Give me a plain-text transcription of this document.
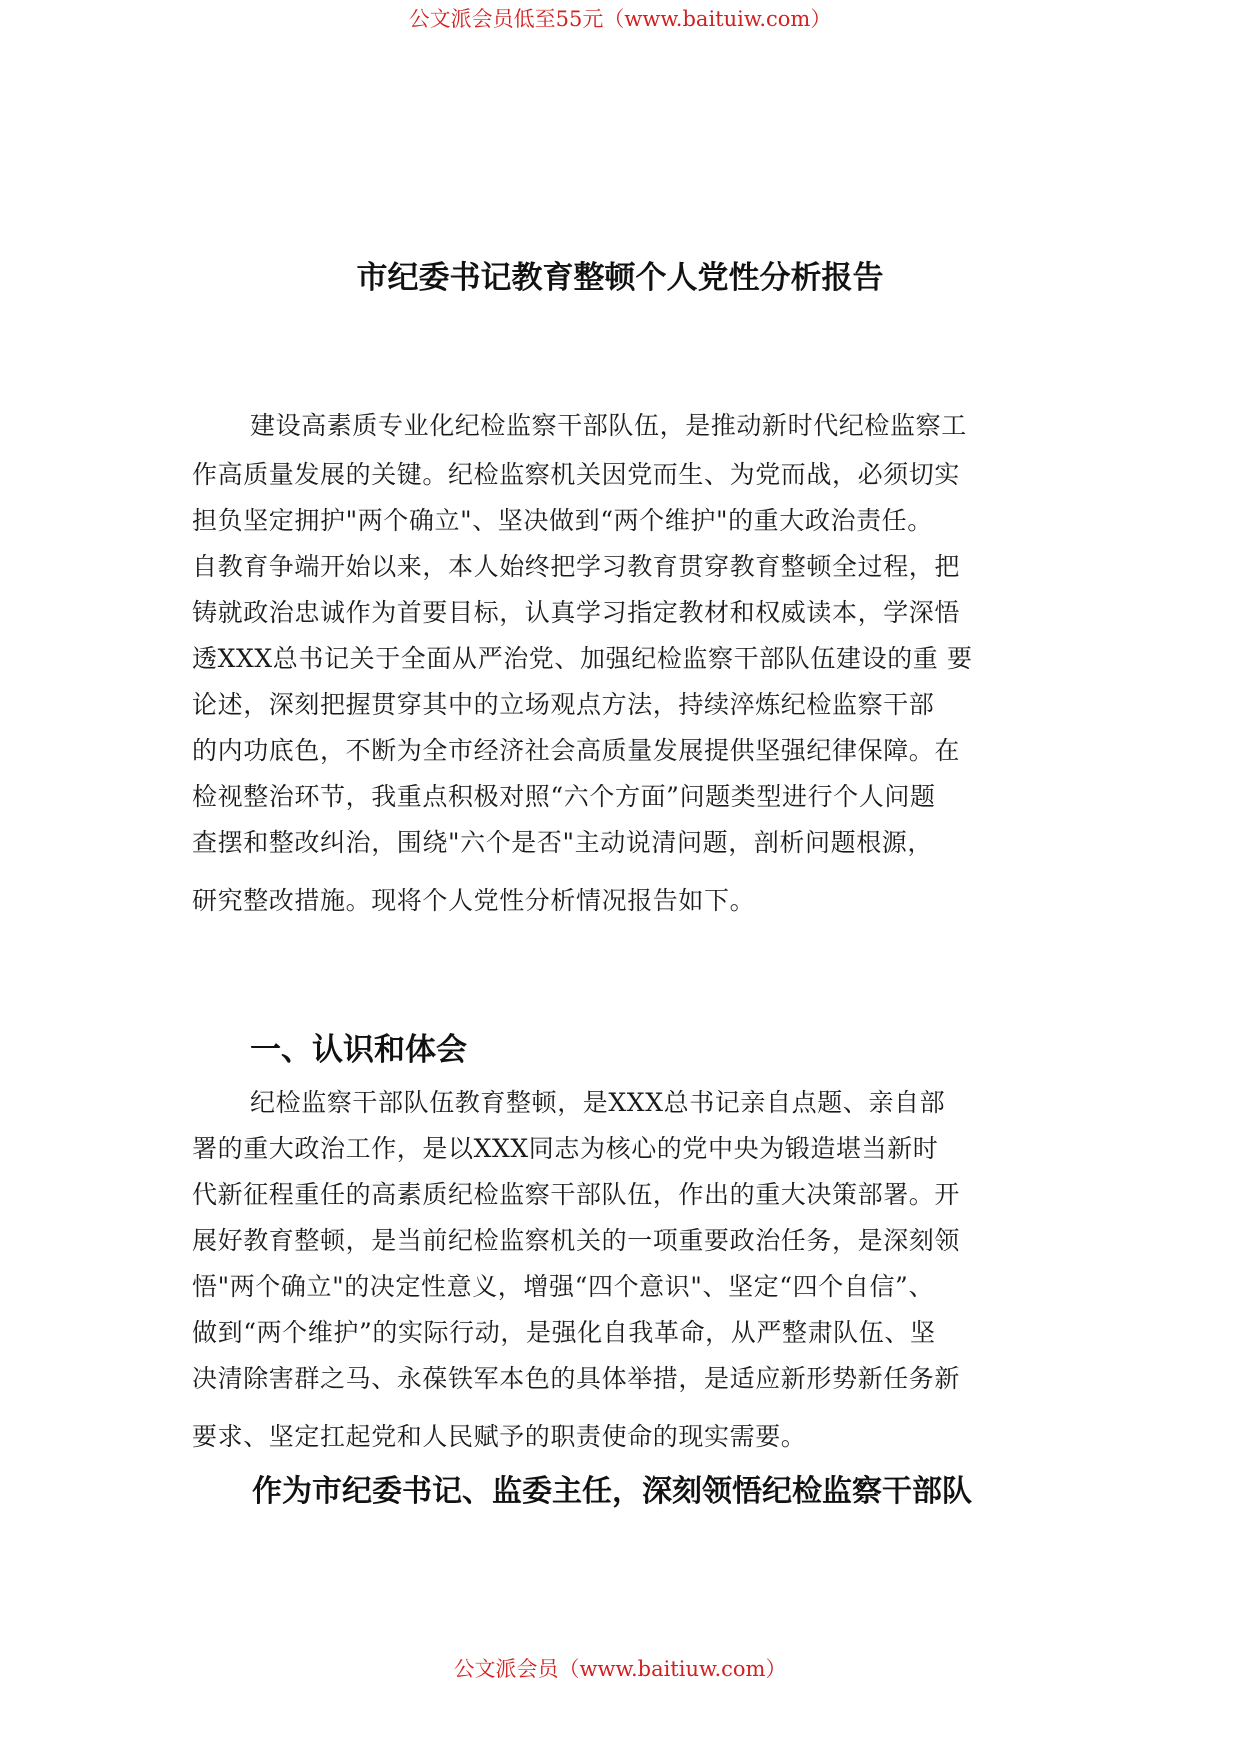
公文派会员低至55元（www.baituiw.com）
市纪委书记教育整顿个人党性分析报告
建设高素质专业化纪检监察干部队伍，是推动新时代纪检监察工
作高质量发展的关键。纪检监察机关因党而生、为党而战，必须切实
担负坚定拥护"两个确立"、坚决做到“两个维护"的重大政治责任。
自教育争端开始以来，本人始终把学习教育贯穿教育整顿全过程，把
铸就政治忠诚作为首要目标，认真学习指定教材和权威读本，学深悟
透XXX总书记关于全面从严治党、加强纪检监察干部队伍建设的重 要
论述，深刻把握贯穿其中的立场观点方法，持续淬炼纪检监察干部
的内功底色，不断为全市经济社会高质量发展提供坚强纪律保障。在
检视整治环节，我重点积极对照“六个方面”问题类型进行个人问题
查摆和整改纠治，围绕"六个是否"主动说清问题，剖析问题根源，
研究整改措施。现将个人党性分析情况报告如下。
一、认识和体会
纪检监察干部队伍教育整顿，是XXX总书记亲自点题、亲自部
署的重大政治工作，是以XXX同志为核心的党中央为锻造堪当新时
代新征程重任的高素质纪检监察干部队伍，作出的重大决策部署。开
展好教育整顿，是当前纪检监察机关的一项重要政治任务，是深刻领
悟"两个确立"的决定性意义，增强“四个意识"、坚定“四个自信”、
做到“两个维护”的实际行动，是强化自我革命，从严整肃队伍、坚
决清除害群之马、永葆铁军本色的具体举措，是适应新形势新任务新
要求、坚定扛起党和人民赋予的职责使命的现实需要。
作为市纪委书记、监委主任，深刻领悟纪检监察干部队
公文派会员（www.baitiuw.com）
